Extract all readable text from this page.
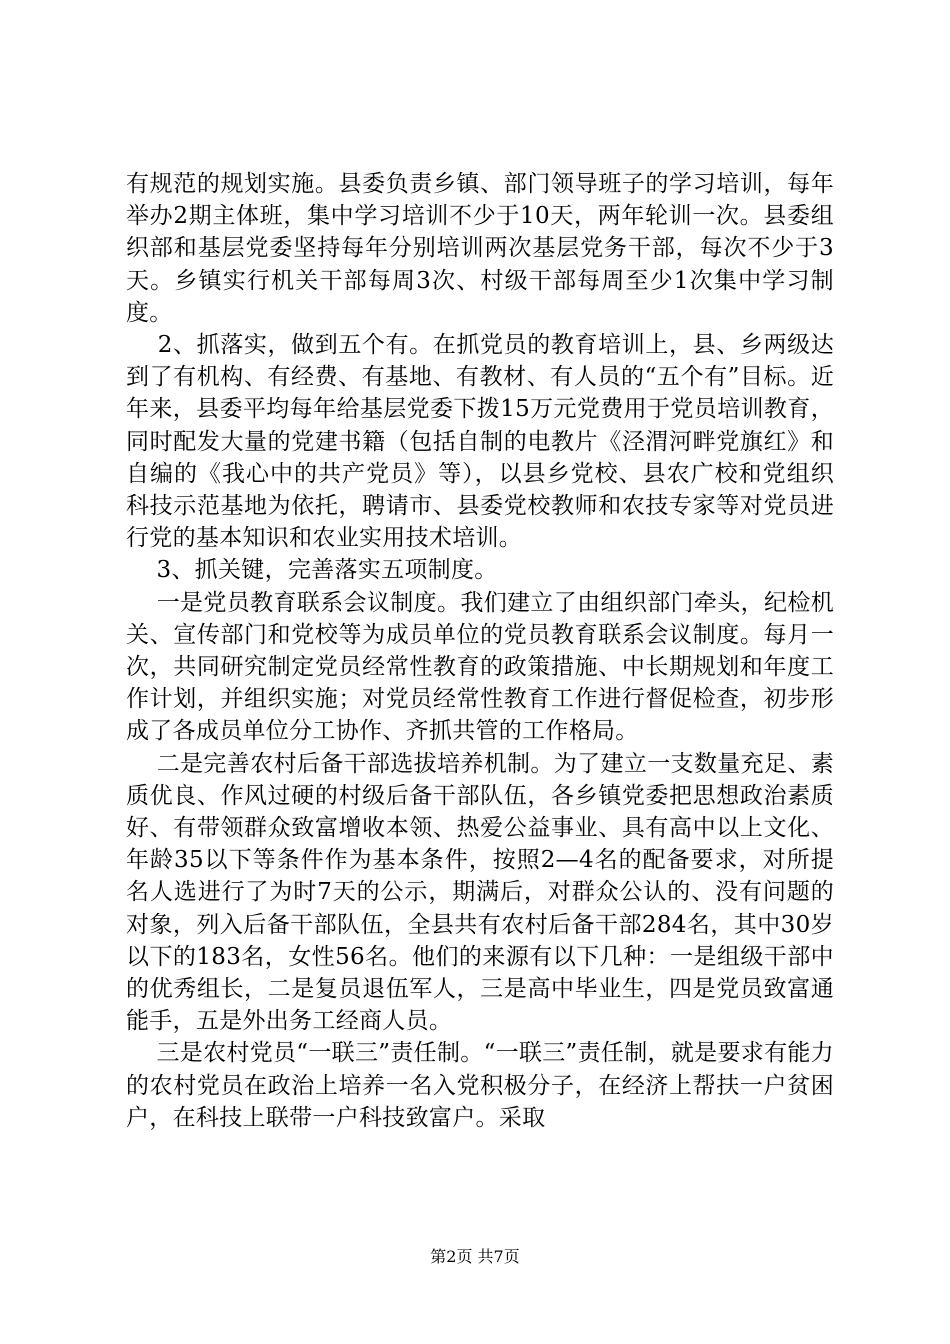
有规范的规划实施。县委负责乡镇、部门领导班子的学习培训，每年举办2期主体班，集中学习培训不少于10天，两年轮训一次。县委组织部和基层党委坚持每年分别培训两次基层党务干部，每次不少于3天。乡镇实行机关干部每周3次、村级干部每周至少1次集中学习制度。

2、抓落实，做到五个有。在抓党员的教育培训上，县、乡两级达到了有机构、有经费、有基地、有教材、有人员的“五个有”目标。近年来，县委平均每年给基层党委下拨15万元党费用于党员培训教育，同时配发大量的党建书籍（包括自制的电教片《泾渭河畔党旗红》和自编的《我心中的共产党员》等），以县乡党校、县农广校和党组织科技示范基地为依托，聘请市、县委党校教师和农技专家等对党员进行党的基本知识和农业实用技术培训。

3、抓关键，完善落实五项制度。

一是党员教育联系会议制度。我们建立了由组织部门牵头，纪检机关、宣传部门和党校等为成员单位的党员教育联系会议制度。每月一次，共同研究制定党员经常性教育的政策措施、中长期规划和年度工作计划，并组织实施；对党员经常性教育工作进行督促检查，初步形成了各成员单位分工协作、齐抓共管的工作格局。

二是完善农村后备干部选拔培养机制。为了建立一支数量充足、素质优良、作风过硬的村级后备干部队伍，各乡镇党委把思想政治素质好、有带领群众致富增收本领、热爱公益事业、具有高中以上文化、年龄35以下等条件作为基本条件，按照2—4名的配备要求，对所提名人选进行了为时7天的公示，期满后，对群众公认的、没有问题的对象，列入后备干部队伍，全县共有农村后备干部284名，其中30岁以下的183名，女性56名。他们的来源有以下几种：一是组级干部中的优秀组长，二是复员退伍军人，三是高中毕业生，四是党员致富通能手，五是外出务工经商人员。

三是农村党员“一联三”责任制。“一联三”责任制，就是要求有能力的农村党员在政治上培养一名入党积极分子，在经济上帮扶一户贫困户，在科技上联带一户科技致富户。采取

第2页 共7页
